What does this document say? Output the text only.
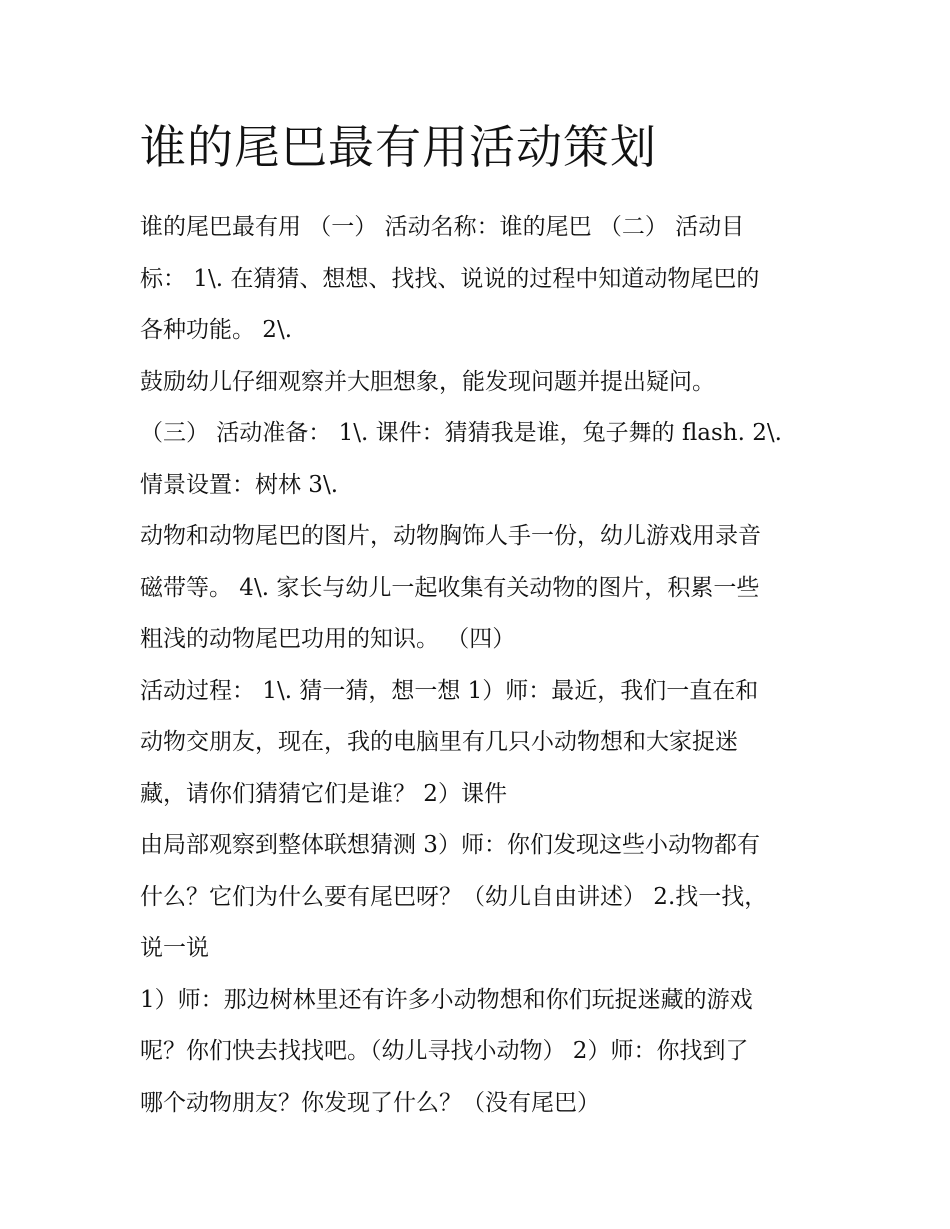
谁的尾巴最有用活动策划

谁的尾巴最有用 （一） 活动名称：谁的尾巴 （二） 活动目

标： 1\. 在猜猜、想想、找找、说说的过程中知道动物尾巴的

各种功能。 2\.

鼓励幼儿仔细观察并大胆想象，能发现问题并提出疑问。

（三） 活动准备： 1\. 课件：猜猜我是谁，兔子舞的 flash. 2\.

情景设置：树林 3\.

动物和动物尾巴的图片，动物胸饰人手一份，幼儿游戏用录音

磁带等。 4\. 家长与幼儿一起收集有关动物的图片，积累一些

粗浅的动物尾巴功用的知识。 （四）

活动过程： 1\. 猜一猜，想一想 1）师：最近，我们一直在和

动物交朋友，现在，我的电脑里有几只小动物想和大家捉迷

藏，请你们猜猜它们是谁？ 2）课件

由局部观察到整体联想猜测 3）师：你们发现这些小动物都有

什么？它们为什么要有尾巴呀？（幼儿自由讲述） 2.找一找，

说一说

1）师：那边树林里还有许多小动物想和你们玩捉迷藏的游戏

呢？你们快去找找吧。（幼儿寻找小动物） 2）师：你找到了

哪个动物朋友？你发现了什么？（没有尾巴）
